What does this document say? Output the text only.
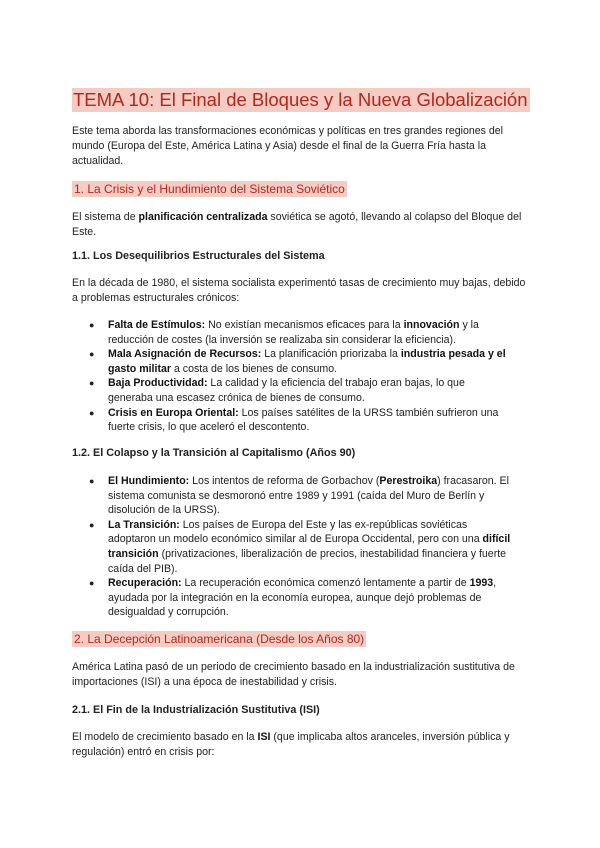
TEMA 10: El Final de Bloques y la Nueva Globalización

Este tema aborda las transformaciones económicas y políticas en tres grandes regiones del mundo (Europa del Este, América Latina y Asia) desde el final de la Guerra Fría hasta la actualidad.

1. La Crisis y el Hundimiento del Sistema Soviético

El sistema de planificación centralizada soviética se agotó, llevando al colapso del Bloque del Este.

1.1. Los Desequilibrios Estructurales del Sistema

En la década de 1980, el sistema socialista experimentó tasas de crecimiento muy bajas, debido a problemas estructurales crónicos:

● Falta de Estímulos: No existían mecanismos eficaces para la innovación y la reducción de costes (la inversión se realizaba sin considerar la eficiencia).
● Mala Asignación de Recursos: La planificación priorizaba la industria pesada y el gasto militar a costa de los bienes de consumo.
● Baja Productividad: La calidad y la eficiencia del trabajo eran bajas, lo que generaba una escasez crónica de bienes de consumo.
● Crisis en Europa Oriental: Los países satélites de la URSS también sufrieron una fuerte crisis, lo que aceleró el descontento.
1.2. El Colapso y la Transición al Capitalismo (Años 90)
● El Hundimiento: Los intentos de reforma de Gorbachov (Perestroika) fracasaron. El sistema comunista se desmoronó entre 1989 y 1991 (caída del Muro de Berlín y disolución de la URSS).
● La Transición: Los países de Europa del Este y las ex-repúblicas soviéticas adoptaron un modelo económico similar al de Europa Occidental, pero con una difícil transición (privatizaciones, liberalización de precios, inestabilidad financiera y fuerte caída del PIB).
● Recuperación: La recuperación económica comenzó lentamente a partir de 1993, ayudada por la integración en la economía europea, aunque dejó problemas de desigualdad y corrupción.
2. La Decepción Latinoamericana (Desde los Años 80)

América Latina pasó de un periodo de crecimiento basado en la industrialización sustitutiva de importaciones (ISI) a una época de inestabilidad y crisis.

2.1. El Fin de la Industrialización Sustitutiva (ISI)

El modelo de crecimiento basado en la ISI (que implicaba altos aranceles, inversión pública y regulación) entró en crisis por:
